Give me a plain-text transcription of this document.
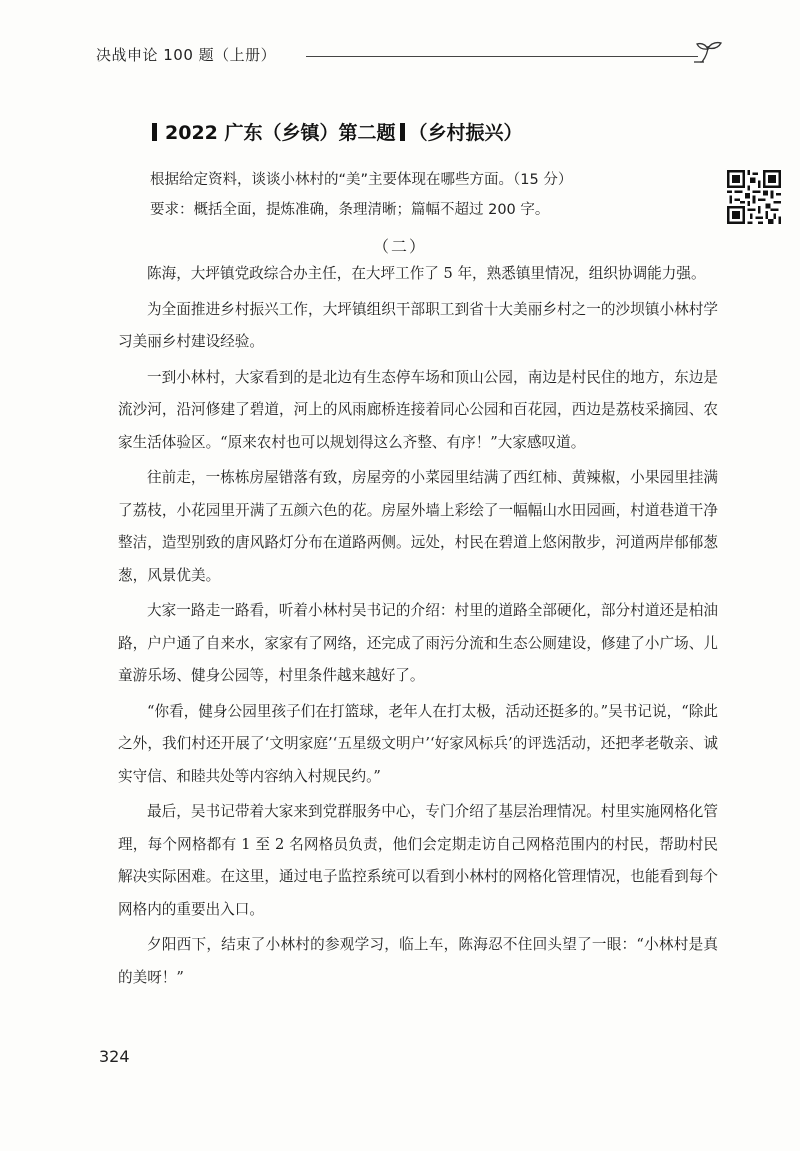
决战申论 100 题（上册）
2022 广东（乡镇）第二题 （乡村振兴）

根据给定资料，谈谈小林村的“美”主要体现在哪些方面。（15 分）

要求：概括全面，提炼准确，条理清晰；篇幅不超过 200 字。

（二）

陈海，大坪镇党政综合办主任，在大坪工作了 5 年，熟悉镇里情况，组织协调能力强。

为全面推进乡村振兴工作，大坪镇组织干部职工到省十大美丽乡村之一的沙坝镇小林村学习美丽乡村建设经验。

一到小林村，大家看到的是北边有生态停车场和顶山公园，南边是村民住的地方，东边是流沙河，沿河修建了碧道，河上的风雨廊桥连接着同心公园和百花园，西边是荔枝采摘园、农家生活体验区。“原来农村也可以规划得这么齐整、有序！”大家感叹道。

往前走，一栋栋房屋错落有致，房屋旁的小菜园里结满了西红柿、黄辣椒，小果园里挂满了荔枝，小花园里开满了五颜六色的花。房屋外墙上彩绘了一幅幅山水田园画，村道巷道干净整洁，造型别致的唐风路灯分布在道路两侧。远处，村民在碧道上悠闲散步，河道两岸郁郁葱葱，风景优美。

大家一路走一路看，听着小林村吴书记的介绍：村里的道路全部硬化，部分村道还是柏油路，户户通了自来水，家家有了网络，还完成了雨污分流和生态公厕建设，修建了小广场、儿童游乐场、健身公园等，村里条件越来越好了。

“你看，健身公园里孩子们在打篮球，老年人在打太极，活动还挺多的。”吴书记说，“除此之外，我们村还开展了‘文明家庭’‘五星级文明户’‘好家风标兵’的评选活动，还把孝老敬亲、诚实守信、和睦共处等内容纳入村规民约。”

最后，吴书记带着大家来到党群服务中心，专门介绍了基层治理情况。村里实施网格化管理，每个网格都有 1 至 2 名网格员负责，他们会定期走访自己网格范围内的村民，帮助村民解决实际困难。在这里，通过电子监控系统可以看到小林村的网格化管理情况，也能看到每个网格内的重要出入口。

夕阳西下，结束了小林村的参观学习，临上车，陈海忍不住回头望了一眼：“小林村是真的美呀！”

324
